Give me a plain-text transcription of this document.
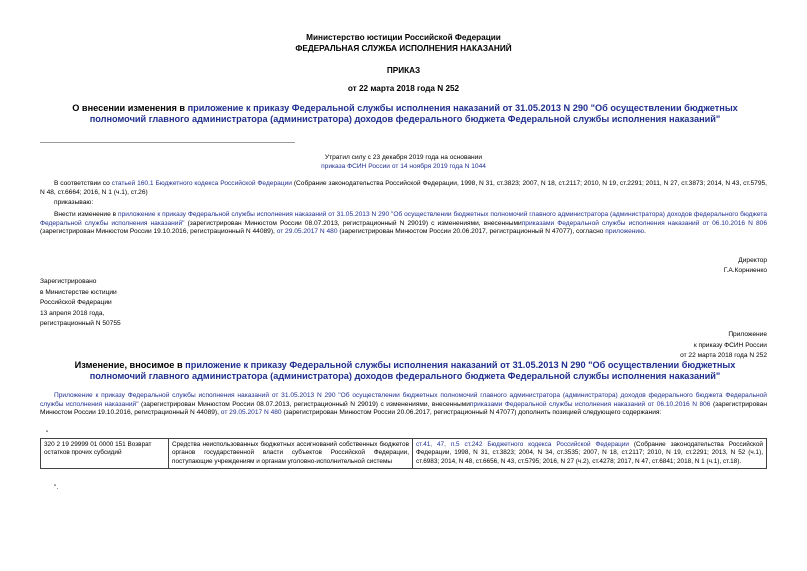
Министерство юстиции Российской Федерации
ФЕДЕРАЛЬНАЯ СЛУЖБА ИСПОЛНЕНИЯ НАКАЗАНИЙ
ПРИКАЗ
от 22 марта 2018 года N 252
О внесении изменения в приложение к приказу Федеральной службы исполнения наказаний от 31.05.2013 N 290 "Об осуществлении бюджетных полномочий главного администратора (администратора) доходов федерального бюджета Федеральной службы исполнения наказаний"
Утратил силу с 23 декабря 2019 года на основании
приказа ФСИН России от 14 ноября 2019 года N 1044
В соответствии со статьей 160.1 Бюджетного кодекса Российской Федерации (Собрание законодательства Российской Федерации, 1998, N 31, ст.3823; 2007, N 18, ст.2117; 2010, N 19, ст.2291; 2011, N 27, ст.3873; 2014, N 43, ст.5795, N 48, ст.6664; 2016, N 1 (ч.1), ст.26)
приказываю:
Внести изменение в приложение к приказу Федеральной службы исполнения наказаний от 31.05.2013 N 290 "Об осуществлении бюджетных полномочий главного администратора (администратора) доходов федерального бюджета Федеральной службы исполнения наказаний" (зарегистрирован Минюстом России 08.07.2013, регистрационный N 29019) с изменениями, внесеннымиприказами Федеральной службы исполнения наказаний от 06.10.2016 N 806 (зарегистрирован Минюстом России 19.10.2016, регистрационный N 44089), от 29.05.2017 N 480 (зарегистрирован Минюстом России 20.06.2017, регистрационный N 47077), согласно приложению.
Директор
Г.А.Корниенко
Зарегистрировано
в Министерстве юстиции
Российской Федерации
13 апреля 2018 года,
регистрационный N 50755
Приложение
к приказу ФСИН России
от 22 марта 2018 года N 252
Изменение, вносимое в приложение к приказу Федеральной службы исполнения наказаний от 31.05.2013 N 290 "Об осуществлении бюджетных полномочий главного администратора (администратора) доходов федерального бюджета Федеральной службы исполнения наказаний"
Приложение к приказу Федеральной службы исполнения наказаний от 31.05.2013 N 290 "Об осуществлении бюджетных полномочий главного администратора (администратора) доходов федерального бюджета Федеральной службы исполнения наказаний" (зарегистрирован Минюстом России 08.07.2013, регистрационный N 29019) с изменениями, внесеннымиприказами Федеральной службы исполнения наказаний от 06.10.2016 N 806 (зарегистрирован Минюстом России 19.10.2016, регистрационный N 44089), от 29.05.2017 N 480 (зарегистрирован Минюстом России 20.06.2017, регистрационный N 47077) дополнить позицией следующего содержания:
"
320 2 19 29999 01 0000 151 Возврат остатков прочих субсидий	Средства неиспользованных бюджетных ассигнований собственных бюджетов органов государственной власти субъектов Российской Федерации, поступающие учреждениям и органам уголовно-исполнительной системы	ст.41, 47, п.5 ст.242 Бюджетного кодекса Российской Федерации (Собрание законодательства Российской Федерации, 1998, N 31, ст.3823; 2004, N 34, ст.3535; 2007, N 18, ст.2117; 2010, N 19, ст.2291; 2013, N 52 (ч.1), ст.6983; 2014, N 48, ст.6656, N 43, ст.5795; 2016, N 27 (ч.2), ст.4278; 2017, N 47, ст.6841; 2018, N 1 (ч.1), ст.18).
".
